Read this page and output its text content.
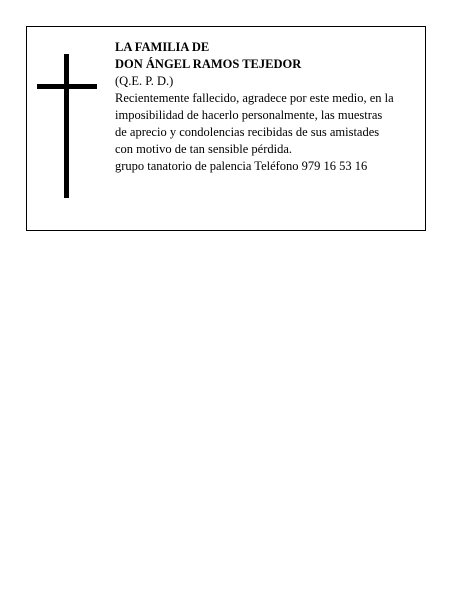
LA FAMILIA DE
DON ÁNGEL RAMOS TEJEDOR
(Q.E. P. D.)
Recientemente fallecido, agradece por este medio, en la
imposibilidad de hacerlo personalmente, las muestras
de aprecio y condolencias recibidas de sus amistades
con motivo de tan sensible pérdida.
grupo tanatorio de palencia Teléfono 979 16 53 16
